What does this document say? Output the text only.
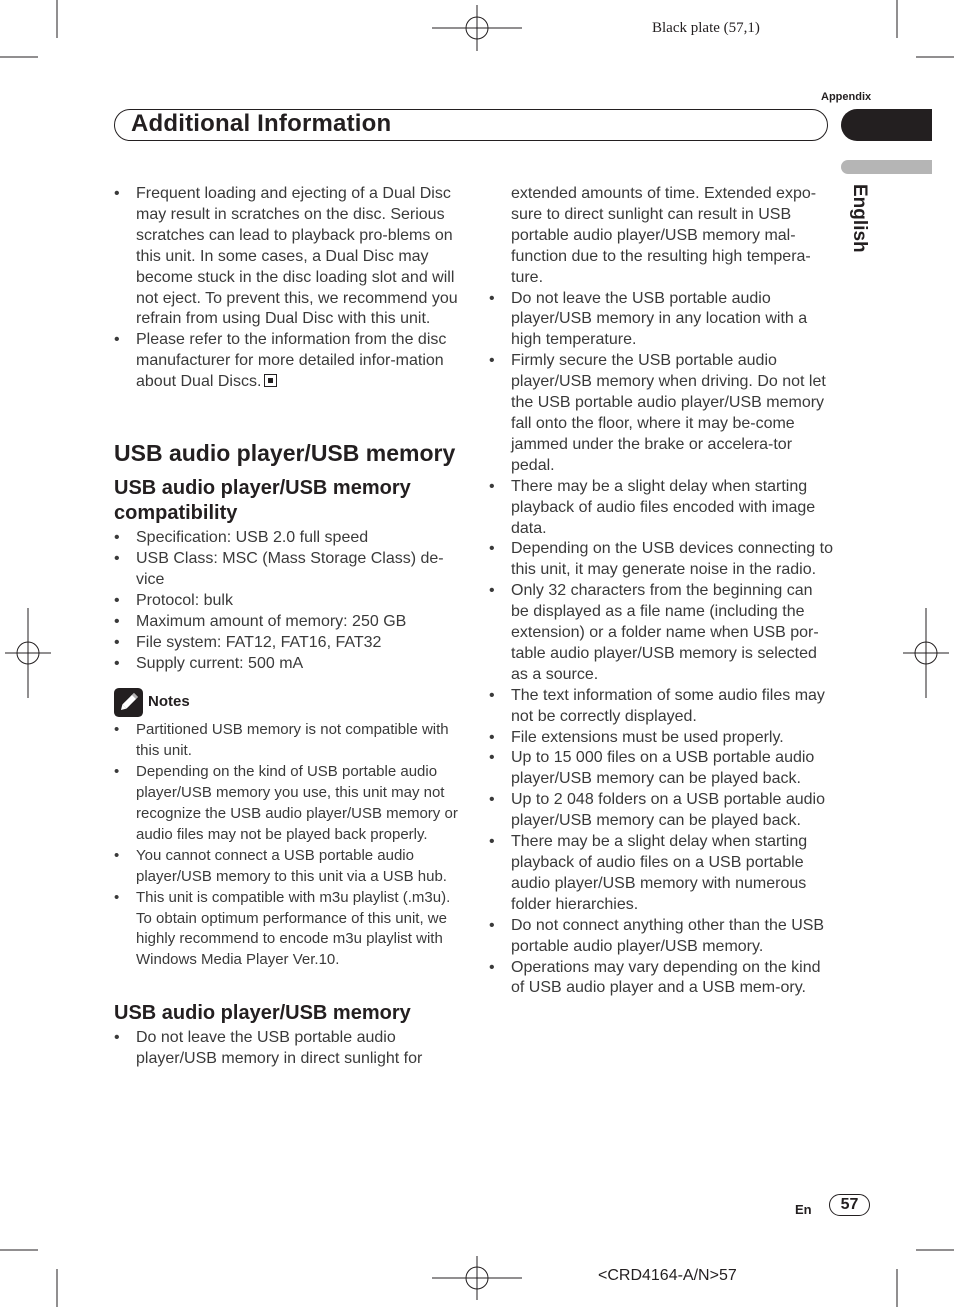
Black plate (57,1)
Appendix
Additional Information
English
• Frequent loading and ejecting of a Dual Disc may result in scratches on the disc. Serious scratches can lead to playback pro-blems on this unit. In some cases, a Dual Disc may become stuck in the disc loading slot and will not eject. To prevent this, we recommend you refrain from using Dual Disc with this unit.
• Please refer to the information from the disc manufacturer for more detailed infor-mation about Dual Discs.
USB audio player/USB memory
USB audio player/USB memory compatibility
• Specification: USB 2.0 full speed
• USB Class: MSC (Mass Storage Class) de-vice
• Protocol: bulk
• Maximum amount of memory: 250 GB
• File system: FAT12, FAT16, FAT32
• Supply current: 500 mA
Notes
• Partitioned USB memory is not compatible with this unit.
• Depending on the kind of USB portable audio player/USB memory you use, this unit may not recognize the USB audio player/USB memory or audio files may not be played back properly.
• You cannot connect a USB portable audio player/USB memory to this unit via a USB hub.
• This unit is compatible with m3u playlist (.m3u). To obtain optimum performance of this unit, we highly recommend to encode m3u playlist with Windows Media Player Ver.10.
USB audio player/USB memory
• Do not leave the USB portable audio player/USB memory in direct sunlight for
extended amounts of time. Extended expo-sure to direct sunlight can result in USB portable audio player/USB memory mal-function due to the resulting high tempera-ture.
• Do not leave the USB portable audio player/USB memory in any location with a high temperature.
• Firmly secure the USB portable audio player/USB memory when driving. Do not let the USB portable audio player/USB memory fall onto the floor, where it may be-come jammed under the brake or accelera-tor pedal.
• There may be a slight delay when starting playback of audio files encoded with image data.
• Depending on the USB devices connecting to this unit, it may generate noise in the radio.
• Only 32 characters from the beginning can be displayed as a file name (including the extension) or a folder name when USB por-table audio player/USB memory is selected as a source.
• The text information of some audio files may not be correctly displayed.
• File extensions must be used properly.
• Up to 15 000 files on a USB portable audio player/USB memory can be played back.
• Up to 2 048 folders on a USB portable audio player/USB memory can be played back.
• There may be a slight delay when starting playback of audio files on a USB portable audio player/USB memory with numerous folder hierarchies.
• Do not connect anything other than the USB portable audio player/USB memory.
• Operations may vary depending on the kind of USB audio player and a USB mem-ory.
En	57
<CRD4164-A/N>57
